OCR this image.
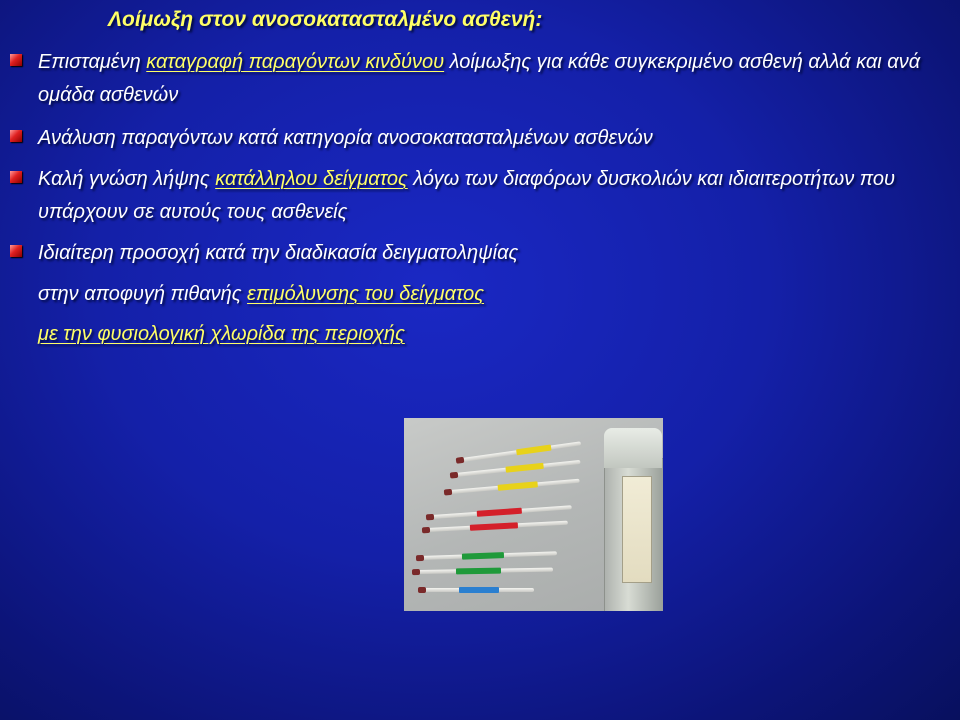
Λοίμωξη στον ανοσοκατασταλμένο ασθενή:
Επισταμένη καταγραφή παραγόντων κινδύνου λοίμωξης για κάθε συγκεκριμένο ασθενή αλλά και ανά ομάδα ασθενών
Ανάλυση παραγόντων κατά κατηγορία ανοσοκατασταλμένων ασθενών
Καλή γνώση λήψης κατάλληλου δείγματος λόγω των διαφόρων δυσκολιών και ιδιαιτεροτήτων που υπάρχουν σε αυτούς τους ασθενείς
Ιδιαίτερη προσοχή κατά την διαδικασία δειγματοληψίας
στην αποφυγή πιθανής επιμόλυνσης του δείγματος
με την φυσιολογική χλωρίδα της περιοχής
